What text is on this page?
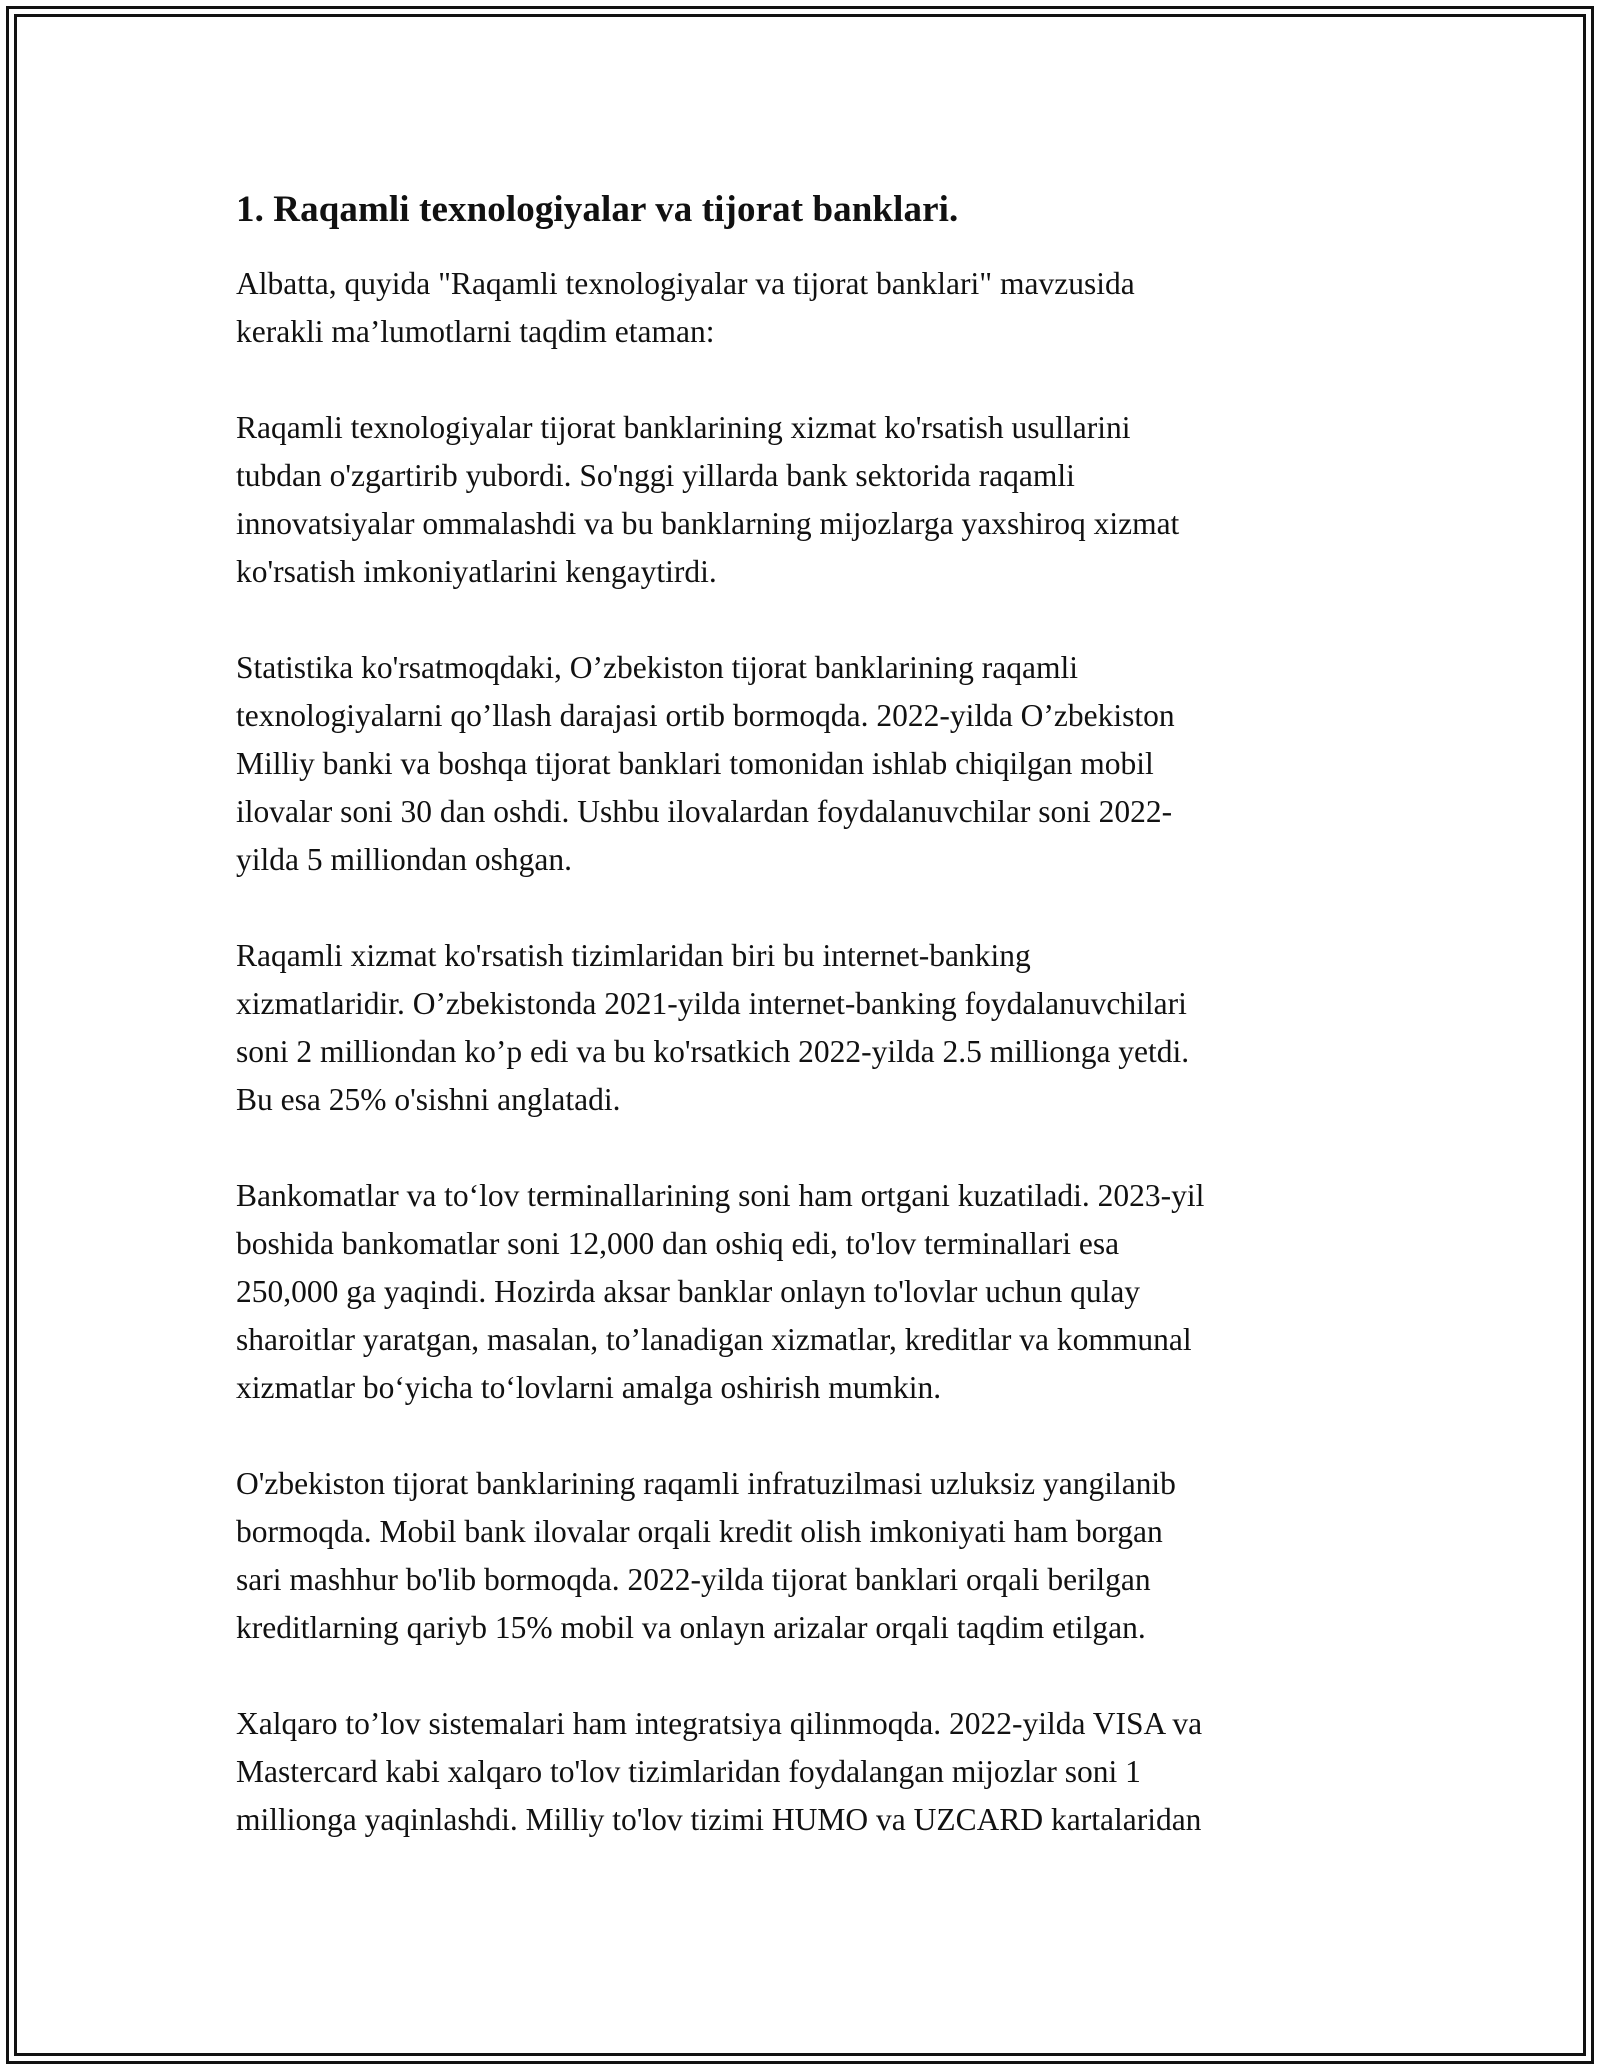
1. Raqamli texnologiyalar va tijorat banklari.

Albatta, quyida "Raqamli texnologiyalar va tijorat banklari" mavzusida
kerakli ma’lumotlarni taqdim etaman:

Raqamli texnologiyalar tijorat banklarining xizmat ko'rsatish usullarini
tubdan o'zgartirib yubordi. So'nggi yillarda bank sektorida raqamli
innovatsiyalar ommalashdi va bu banklarning mijozlarga yaxshiroq xizmat
ko'rsatish imkoniyatlarini kengaytirdi.

Statistika ko'rsatmoqdaki, O’zbekiston tijorat banklarining raqamli
texnologiyalarni qo’llash darajasi ortib bormoqda. 2022-yilda O’zbekiston
Milliy banki va boshqa tijorat banklari tomonidan ishlab chiqilgan mobil
ilovalar soni 30 dan oshdi. Ushbu ilovalardan foydalanuvchilar soni 2022-
yilda 5 milliondan oshgan.

Raqamli xizmat ko'rsatish tizimlaridan biri bu internet-banking
xizmatlaridir. O’zbekistonda 2021-yilda internet-banking foydalanuvchilari
soni 2 milliondan ko’p edi va bu ko'rsatkich 2022-yilda 2.5 millionga yetdi.
Bu esa 25% o'sishni anglatadi.

Bankomatlar va to‘lov terminallarining soni ham ortgani kuzatiladi. 2023-yil
boshida bankomatlar soni 12,000 dan oshiq edi, to'lov terminallari esa
250,000 ga yaqindi. Hozirda aksar banklar onlayn to'lovlar uchun qulay
sharoitlar yaratgan, masalan, to’lanadigan xizmatlar, kreditlar va kommunal
xizmatlar bo‘yicha to‘lovlarni amalga oshirish mumkin.

O'zbekiston tijorat banklarining raqamli infratuzilmasi uzluksiz yangilanib
bormoqda. Mobil bank ilovalar orqali kredit olish imkoniyati ham borgan
sari mashhur bo'lib bormoqda. 2022-yilda tijorat banklari orqali berilgan
kreditlarning qariyb 15% mobil va onlayn arizalar orqali taqdim etilgan.

Xalqaro to’lov sistemalari ham integratsiya qilinmoqda. 2022-yilda VISA va
Mastercard kabi xalqaro to'lov tizimlaridan foydalangan mijozlar soni 1
millionga yaqinlashdi. Milliy to'lov tizimi HUMO va UZCARD kartalaridan
